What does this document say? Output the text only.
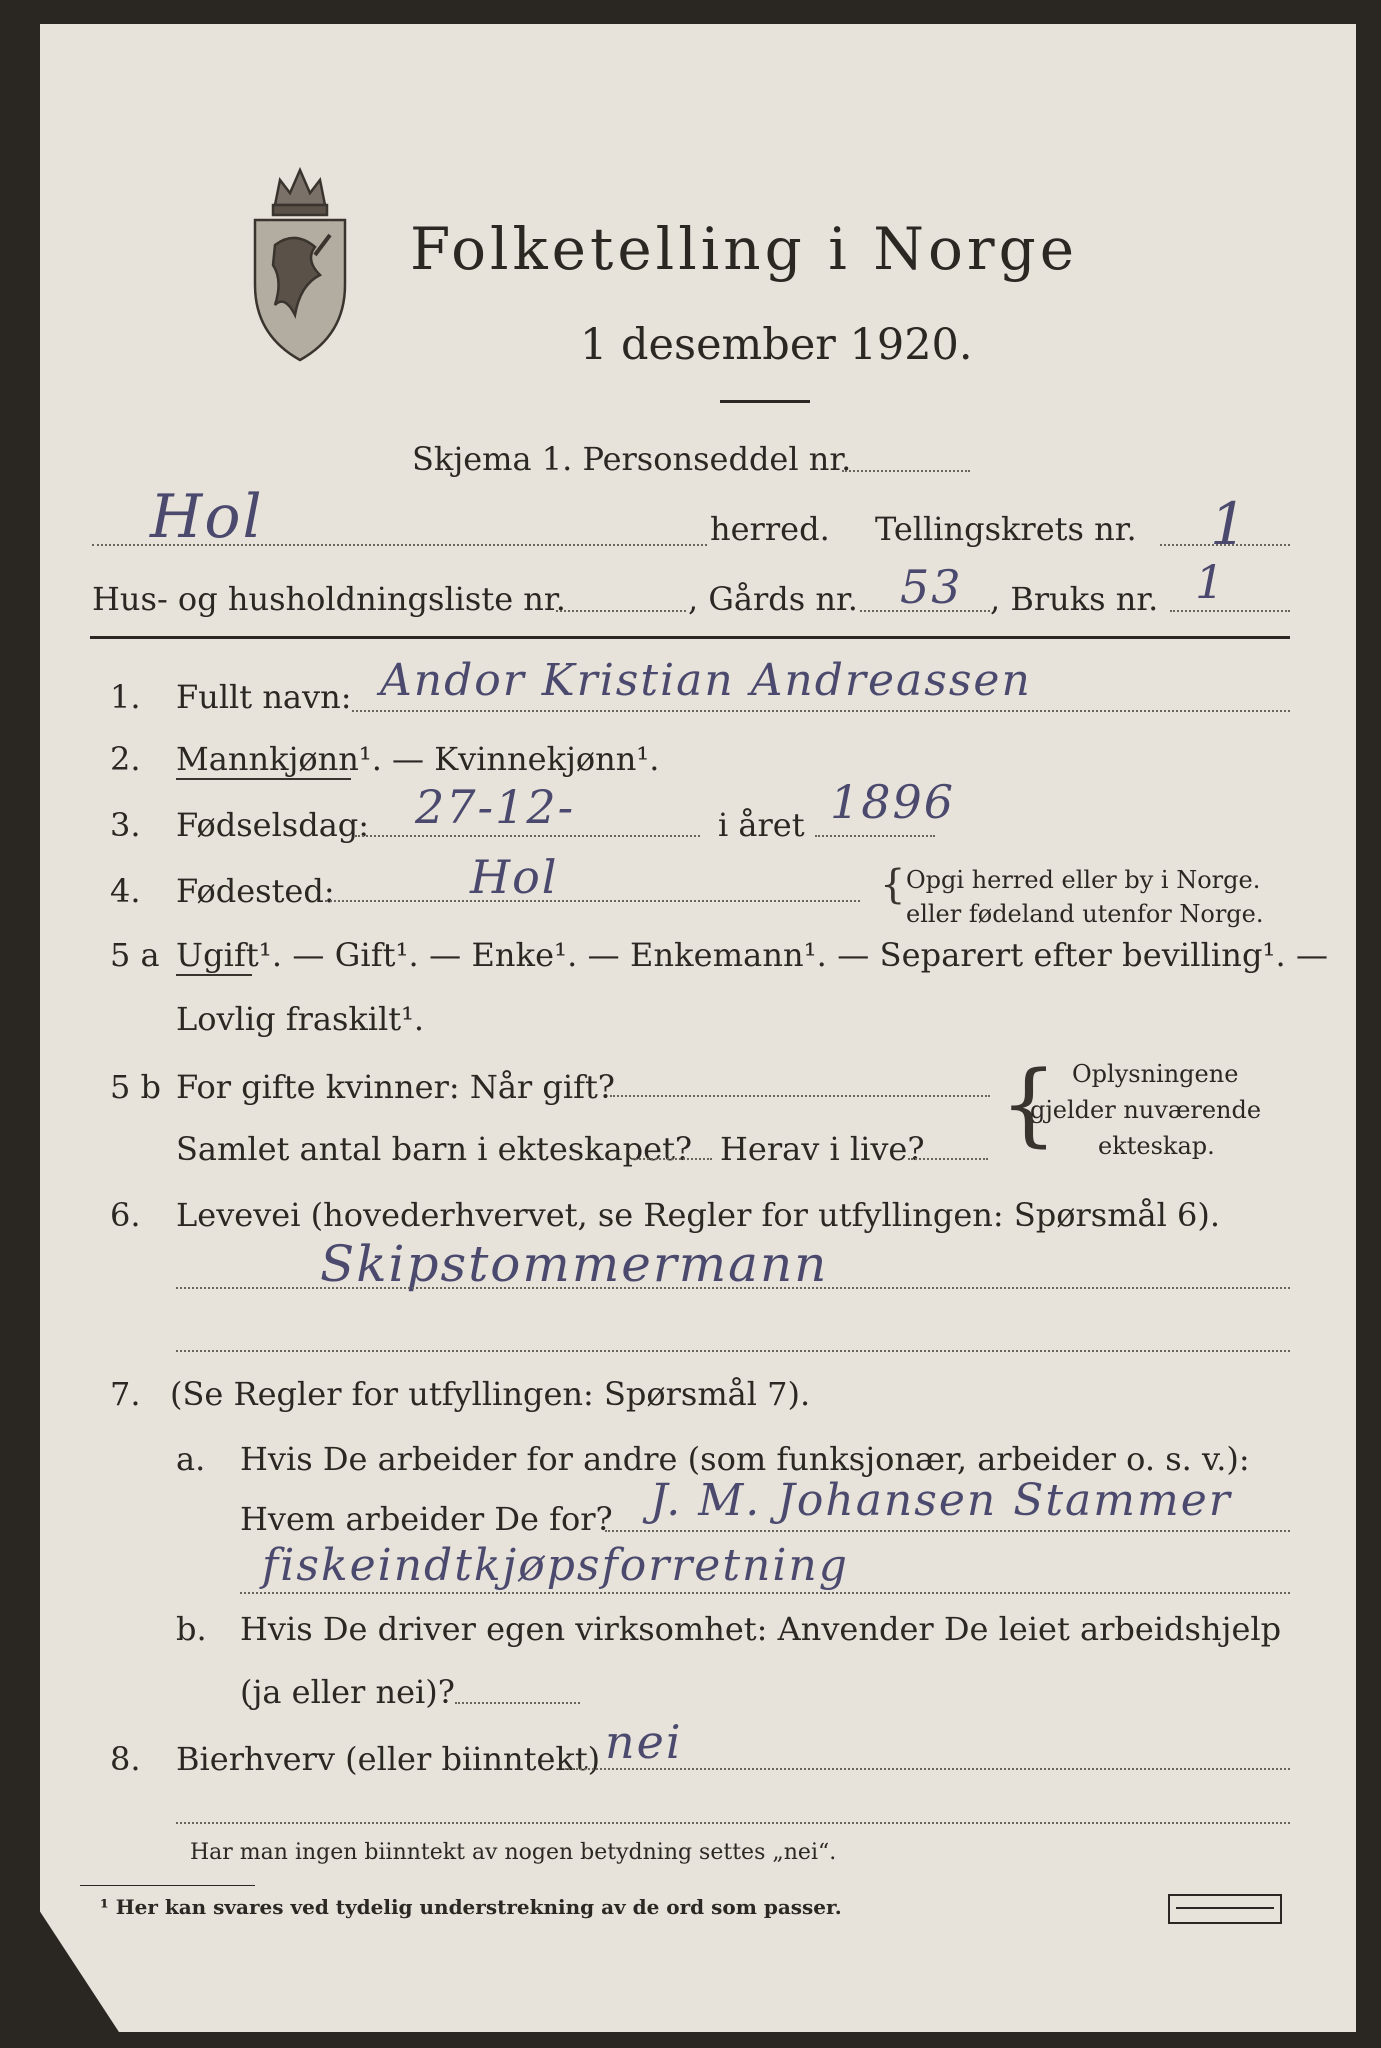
Folketelling i Norge
1 desember 1920.
Skjema 1. Personseddel nr.
Hol	herred. Tellingskrets nr. 1
Hus- og husholdningsliste nr.	, Gårds nr. 53 , Bruks nr. 1
1. Fullt navn: Andor Kristian Andreassen
2. Mannkjønn¹. — Kvinnekjønn¹.
3. Fødselsdag: 27-12-	i året 1896
4. Fødested:	Hol	{ Opgi herred eller by i Norge.
eller fødeland utenfor Norge.
5 a Ugift¹. — Gift¹. — Enke¹. — Enkemann¹. — Separert efter bevilling¹. —
Lovlig fraskilt¹.
5 b For gifte kvinner: Når gift?
Samlet antal barn i ekteskapet? Herav i live? { Oplysningene
gjelder nuværende
ekteskap.
6. Levevei (hovederhvervet, se Regler for utfyllingen: Spørsmål 6).
Skipstommermann
7. (Se Regler for utfyllingen: Spørsmål 7).
a. Hvis De arbeider for andre (som funksjonær, arbeider o. s. v.):
Hvem arbeider De for? J. M. Johansen Stammer
fiskeindtkjøpsforretning
b. Hvis De driver egen virksomhet: Anvender De leiet arbeidshjelp
(ja eller nei)?
8. Bierhverv (eller biinntekt) nei
Har man ingen biinntekt av nogen betydning settes „nei“.
¹ Her kan svares ved tydelig understrekning av de ord som passer.
